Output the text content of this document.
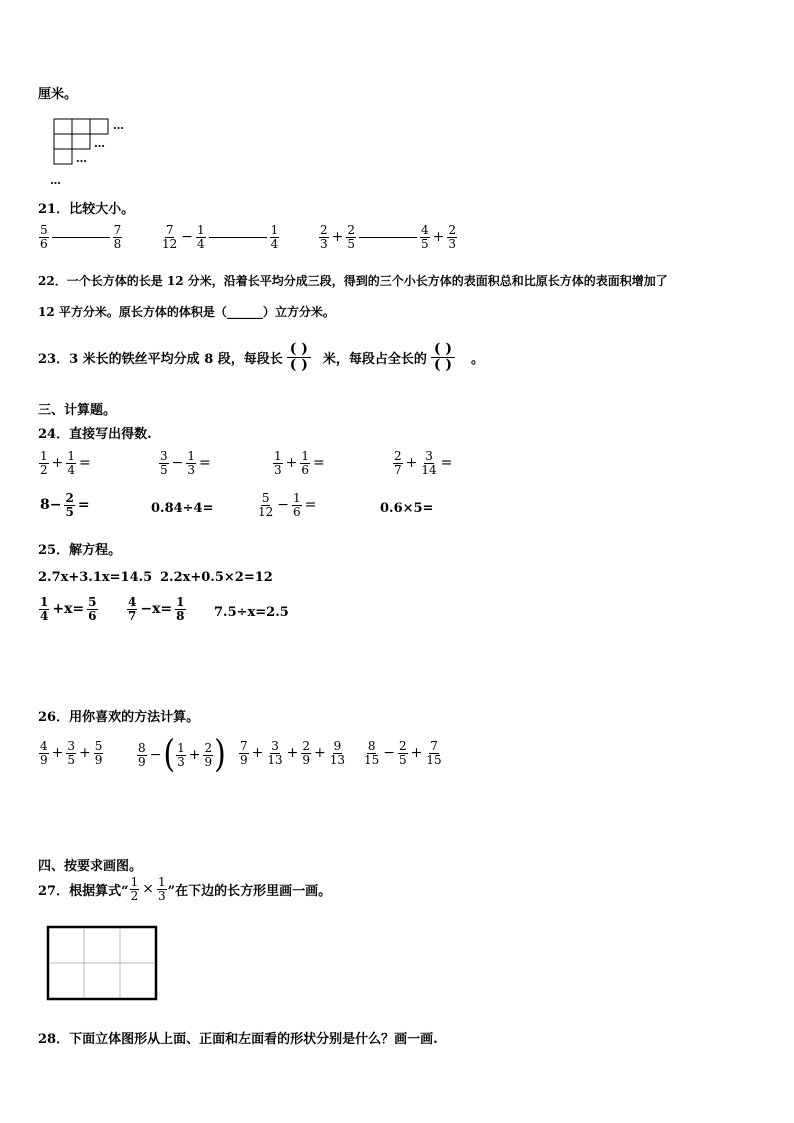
厘米。
…
…
…
…
21．比较大小。
$\frac{5}{6}$	$\frac{7}{8}$	$\frac{7}{12} - \frac{1}{4}$	$\frac{1}{4}$	$\frac{2}{3} + \frac{2}{5}$	$\frac{4}{5} + \frac{2}{3}$
22．一个长方体的长是 12 分米，沿着长平均分成三段，得到的三个小长方体的表面积总和比原长方体的表面积增加了
12 平方分米。原长方体的体积是（______）立方分米。
23．3 米长的铁丝平均分成 8 段，每段长 $\frac{( )}{( )}$ 米，每段占全长的 $\frac{( )}{( )}$ 。
三、计算题。
24．直接写出得数.
$\frac{1}{2} + \frac{1}{4}$ =	$\frac{3}{5} - \frac{1}{3}$ =	$\frac{1}{3} + \frac{1}{6}$ =	$\frac{2}{7} + \frac{3}{14}$ =
$8- \frac{2}{5}$ =	0.84÷4=	$\frac{5}{12} - \frac{1}{6}$ =	0.6×5=
25．解方程。
2.7x+3.1x=14.5 2.2x+0.5×2=12
$\frac{1}{4} +x= \frac{5}{6} \frac{4}{7} -x= \frac{1}{8} 7.5\div x=2.5$
26．用你喜欢的方法计算。
$\frac{4}{9} + \frac{3}{5} + \frac{5}{9}$	$\frac{8}{9}$ −( $\frac{1}{3} + \frac{2}{9}$ ) $\frac{7}{9} + \frac{3}{13} + \frac{2}{9} + \frac{9}{13} \frac{8}{15} - \frac{2}{5} + \frac{7}{15}$
四、按要求画图。
27．根据算式“ $\frac{1}{2} \times \frac{1}{3}$ ”在下边的长方形里画一画。
28．下面立体图形从上面、正面和左面看的形状分别是什么？画一画.
